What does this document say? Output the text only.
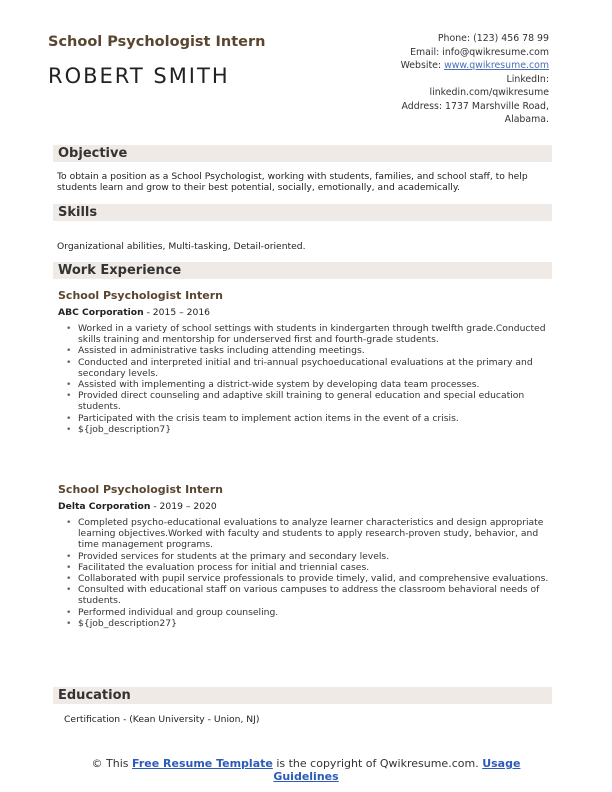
School Psychologist Intern
ROBERT SMITH
Phone: (123) 456 78 99
Email: info@qwikresume.com
Website: www.qwikresume.com
LinkedIn:
linkedin.com/qwikresume
Address: 1737 Marshville Road,
Alabama.
Objective
To obtain a position as a School Psychologist, working with students, families, and school staff, to help students learn and grow to their best potential, socially, emotionally, and academically.
Skills
Organizational abilities, Multi-tasking, Detail-oriented.
Work Experience
School Psychologist Intern
ABC Corporation - 2015 – 2016
• Worked in a variety of school settings with students in kindergarten through twelfth grade.Conducted skills training and mentorship for underserved first and fourth-grade students.
• Assisted in administrative tasks including attending meetings.
• Conducted and interpreted initial and tri-annual psychoeducational evaluations at the primary and secondary levels.
• Assisted with implementing a district-wide system by developing data team processes.
• Provided direct counseling and adaptive skill training to general education and special education students.
• Participated with the crisis team to implement action items in the event of a crisis.
• ${job_description7}
School Psychologist Intern
Delta Corporation - 2019 – 2020
• Completed psycho-educational evaluations to analyze learner characteristics and design appropriate learning objectives.Worked with faculty and students to apply research-proven study, behavior, and time management programs.
• Provided services for students at the primary and secondary levels.
• Facilitated the evaluation process for initial and triennial cases.
• Collaborated with pupil service professionals to provide timely, valid, and comprehensive evaluations.
• Consulted with educational staff on various campuses to address the classroom behavioral needs of students.
• Performed individual and group counseling.
• ${job_description27}
Education
Certification - (Kean University - Union, NJ)
© This Free Resume Template is the copyright of Qwikresume.com. Usage Guidelines
